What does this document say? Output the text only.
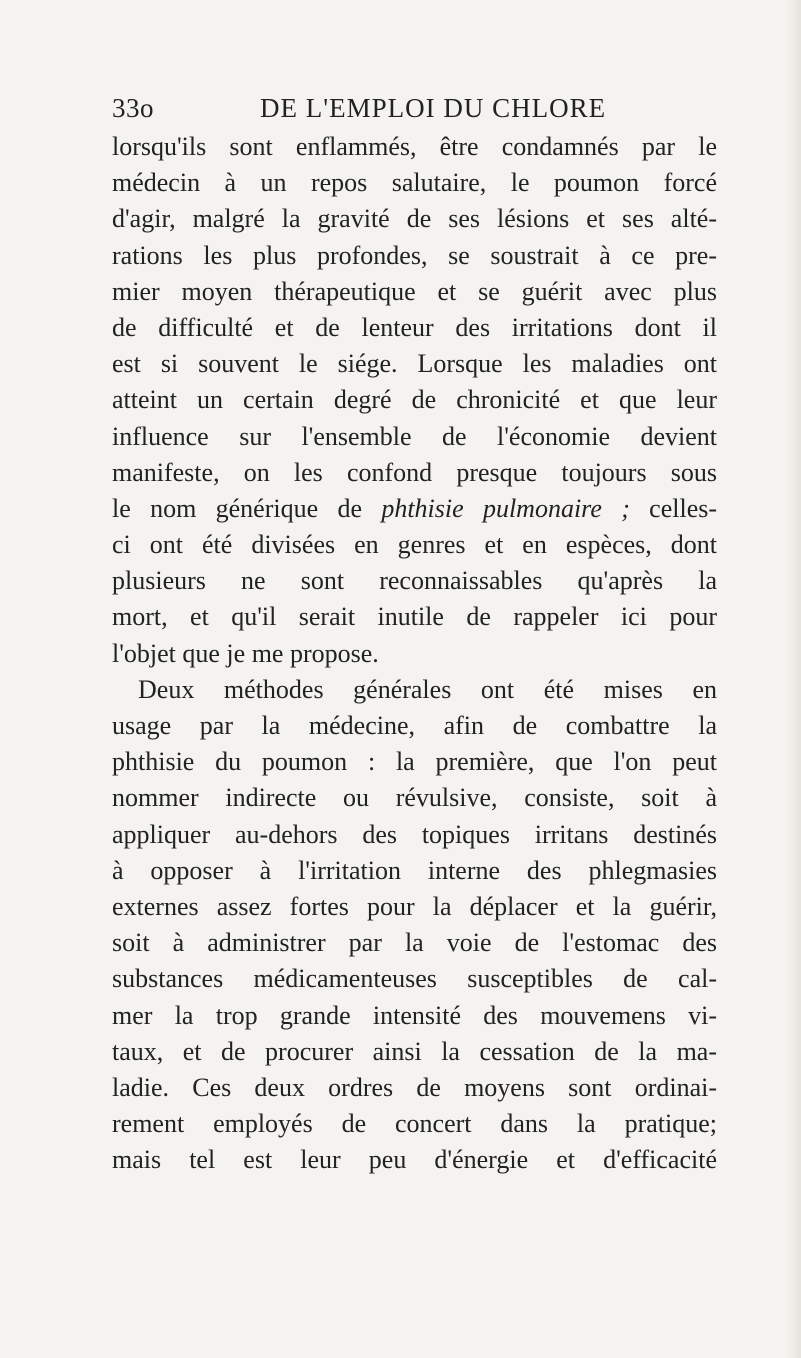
33o	DE L'EMPLOI DU CHLORE
lorsqu'ils sont enflammés, être condamnés par le
médecin à un repos salutaire, le poumon forcé
d'agir, malgré la gravité de ses lésions et ses alté-
rations les plus profondes, se soustrait à ce pre-
mier moyen thérapeutique et se guérit avec plus
de difficulté et de lenteur des irritations dont il
est si souvent le siége. Lorsque les maladies ont
atteint un certain degré de chronicité et que leur
influence sur l'ensemble de l'économie devient
manifeste, on les confond presque toujours sous
le nom générique de phthisie pulmonaire ; celles-
ci ont été divisées en genres et en espèces, dont
plusieurs ne sont reconnaissables qu'après la
mort, et qu'il serait inutile de rappeler ici pour
l'objet que je me propose.
Deux méthodes générales ont été mises en
usage par la médecine, afin de combattre la
phthisie du poumon : la première, que l'on peut
nommer indirecte ou révulsive, consiste, soit à
appliquer au-dehors des topiques irritans destinés
à opposer à l'irritation interne des phlegmasies
externes assez fortes pour la déplacer et la guérir,
soit à administrer par la voie de l'estomac des
substances médicamenteuses susceptibles de cal-
mer la trop grande intensité des mouvemens vi-
taux, et de procurer ainsi la cessation de la ma-
ladie. Ces deux ordres de moyens sont ordinai-
rement employés de concert dans la pratique;
mais tel est leur peu d'énergie et d'efficacité
